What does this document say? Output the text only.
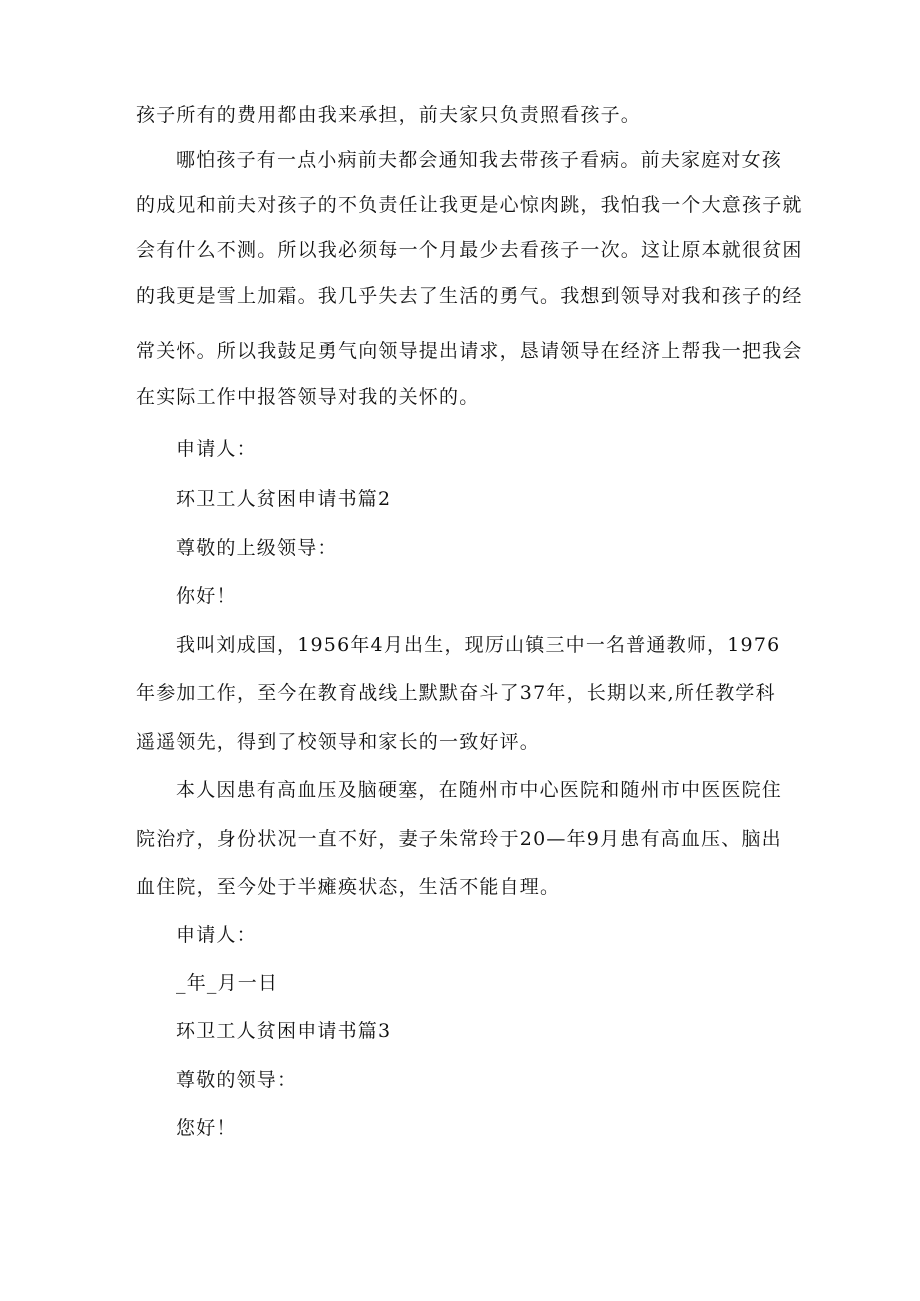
孩子所有的费用都由我来承担，前夫家只负责照看孩子。
哪怕孩子有一点小病前夫都会通知我去带孩子看病。前夫家庭对女孩
的成见和前夫对孩子的不负责任让我更是心惊肉跳，我怕我一个大意孩子就
会有什么不测。所以我必须每一个月最少去看孩子一次。这让原本就很贫困
的我更是雪上加霜。我几乎失去了生活的勇气。我想到领导对我和孩子的经
常关怀。所以我鼓足勇气向领导提出请求，恳请领导在经济上帮我一把我会
在实际工作中报答领导对我的关怀的。
申请人：
环卫工人贫困申请书篇2
尊敬的上级领导：
你好！
我叫刘成国，1956年4月出生，现厉山镇三中一名普通教师，1976
年参加工作，至今在教育战线上默默奋斗了37年，长期以来,所任教学科
遥遥领先，得到了校领导和家长的一致好评。
本人因患有高血压及脑硬塞，在随州市中心医院和随州市中医医院住
院治疗，身份状况一直不好，妻子朱常玲于20—年9月患有高血压、脑出
血住院，至今处于半瘫痪状态，生活不能自理。
申请人：
_年_月一日
环卫工人贫困申请书篇3
尊敬的领导：
您好！
